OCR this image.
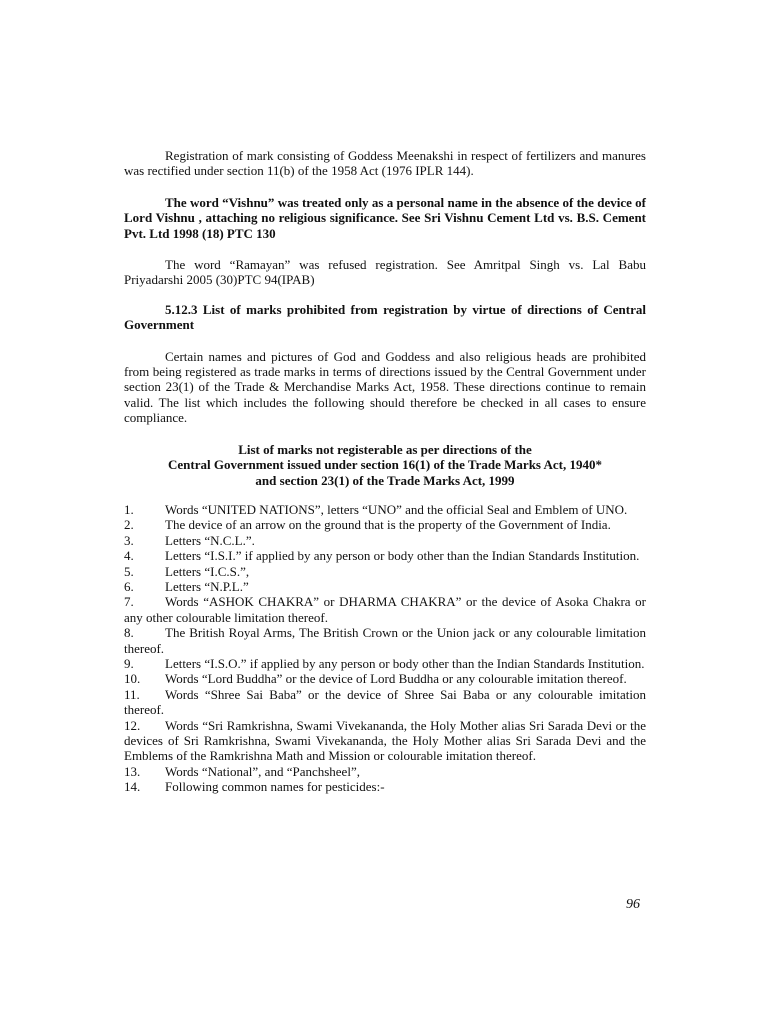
Registration of mark consisting of Goddess Meenakshi in respect of fertilizers and manures was rectified under section 11(b) of the 1958 Act (1976 IPLR 144).

The word “Vishnu” was treated only as a personal name in the absence of the device of Lord Vishnu , attaching no religious significance. See Sri Vishnu Cement Ltd vs. B.S. Cement Pvt. Ltd 1998 (18) PTC 130

The word “Ramayan” was refused registration. See Amritpal Singh vs. Lal Babu Priyadarshi 2005 (30)PTC 94(IPAB)

5.12.3 List of marks prohibited from registration by virtue of directions of Central Government

Certain names and pictures of God and Goddess and also religious heads are prohibited from being registered as trade marks in terms of directions issued by the Central Government under section 23(1) of the Trade & Merchandise Marks Act, 1958. These directions continue to remain valid. The list which includes the following should therefore be checked in all cases to ensure compliance.

List of marks not registerable as per directions of the
Central Government issued under section 16(1) of the Trade Marks Act, 1940*
and section 23(1) of the Trade Marks Act, 1999
1. Words “UNITED NATIONS”, letters “UNO” and the official Seal and Emblem of UNO.
2. The device of an arrow on the ground that is the property of the Government of India.
3. Letters “N.C.L.”.
4. Letters “I.S.I.” if applied by any person or body other than the Indian Standards Institution.
5. Letters “I.C.S.”,
6. Letters “N.P.L.”
7. Words “ASHOK CHAKRA” or DHARMA CHAKRA” or the device of Asoka Chakra or any other colourable limitation thereof.
8. The British Royal Arms, The British Crown or the Union jack or any colourable limitation thereof.
9. Letters “I.S.O.” if applied by any person or body other than the Indian Standards Institution.
10. Words “Lord Buddha” or the device of Lord Buddha or any colourable imitation thereof.
11. Words “Shree Sai Baba” or the device of Shree Sai Baba or any colourable imitation thereof.
12. Words “Sri Ramkrishna, Swami Vivekananda, the Holy Mother alias Sri Sarada Devi or the devices of Sri Ramkrishna, Swami Vivekananda, the Holy Mother alias Sri Sarada Devi and the Emblems of the Ramkrishna Math and Mission or colourable imitation thereof.
13. Words “National”, and “Panchsheel”,
14. Following common names for pesticides:-
96
